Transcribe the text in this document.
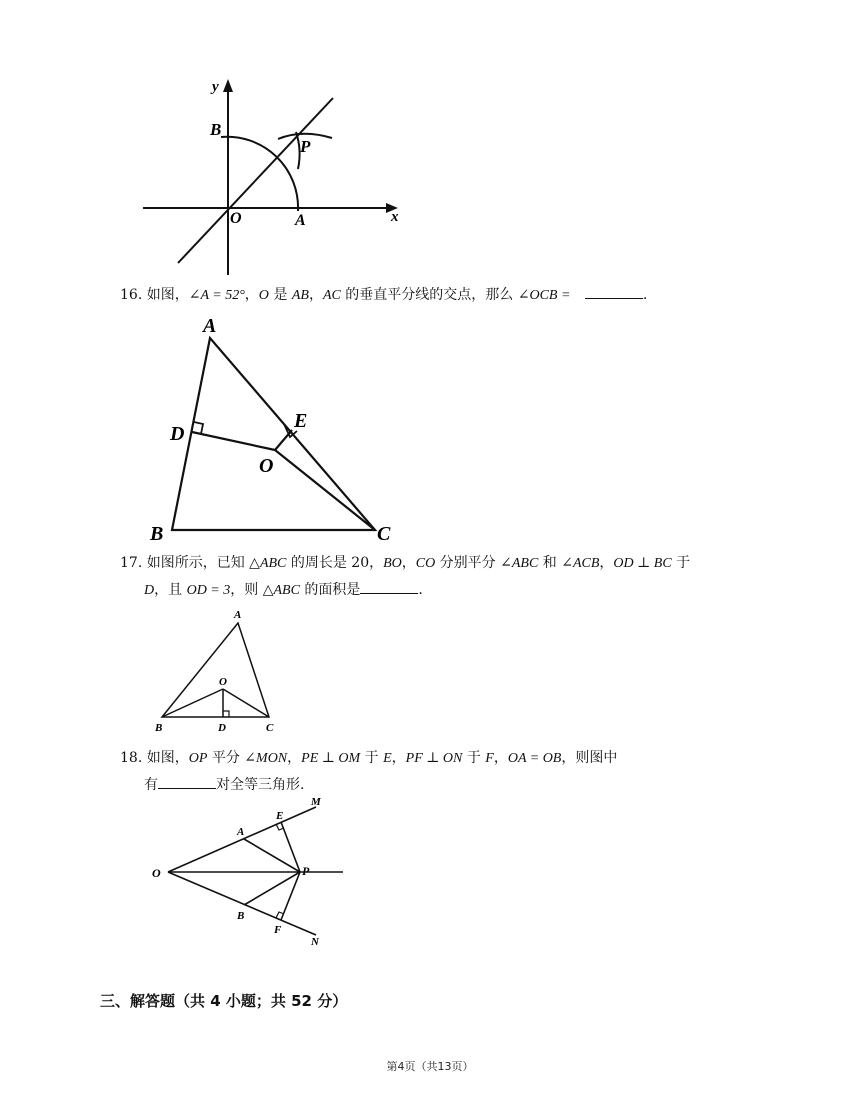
y
x
B
P
O	A
16. 如图，∠A = 52°，O 是 AB，AC 的垂直平分线的交点，那么 ∠OCB =	.
A
D
E
O
B	C
17. 如图所示，已知 △ABC 的周长是 20，BO，CO 分别平分 ∠ABC 和 ∠ACB，OD ⊥ BC 于
D，且 OD = 3，则 △ABC 的面积是	.
A
O
B	D	C
18. 如图，OP 平分 ∠MON，PE ⊥ OM 于 E，PF ⊥ ON 于 F，OA = OB，则图中
有	对全等三角形.
M
E
A
O	P
B
F
N
三、解答题（共 4 小题；共 52 分）
第4页（共13页）
